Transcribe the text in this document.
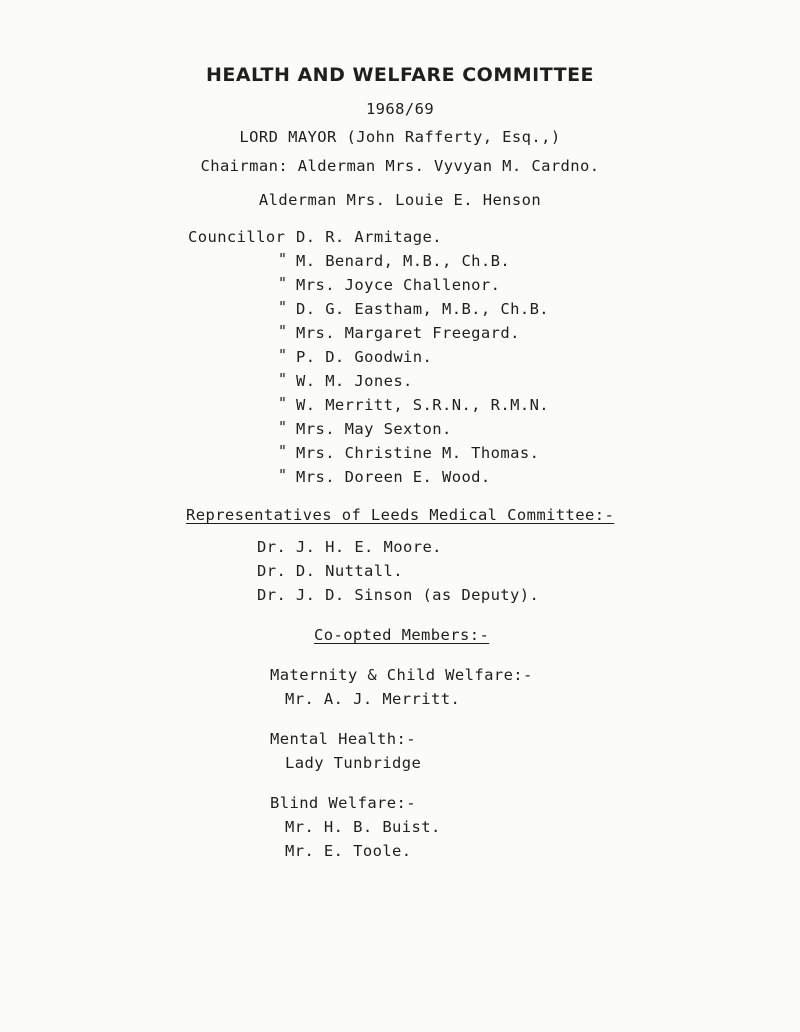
HEALTH AND WELFARE COMMITTEE
1968/69
LORD MAYOR (John Rafferty, Esq.,)
Chairman: Alderman Mrs. Vyvyan M. Cardno.
Alderman Mrs. Louie E. Henson
Councillor D. R. Armitage.
" M. Benard, M.B., Ch.B.
" Mrs. Joyce Challenor.
" D. G. Eastham, M.B., Ch.B.
" Mrs. Margaret Freegard.
" P. D. Goodwin.
" W. M. Jones.
" W. Merritt, S.R.N., R.M.N.
" Mrs. May Sexton.
" Mrs. Christine M. Thomas.
" Mrs. Doreen E. Wood.
Representatives of Leeds Medical Committee:-
Dr. J. H. E. Moore.
Dr. D. Nuttall.
Dr. J. D. Sinson (as Deputy).
Co-opted Members:-
Maternity & Child Welfare:-
Mr. A. J. Merritt.
Mental Health:-
Lady Tunbridge
Blind Welfare:-
Mr. H. B. Buist.
Mr. E. Toole.
